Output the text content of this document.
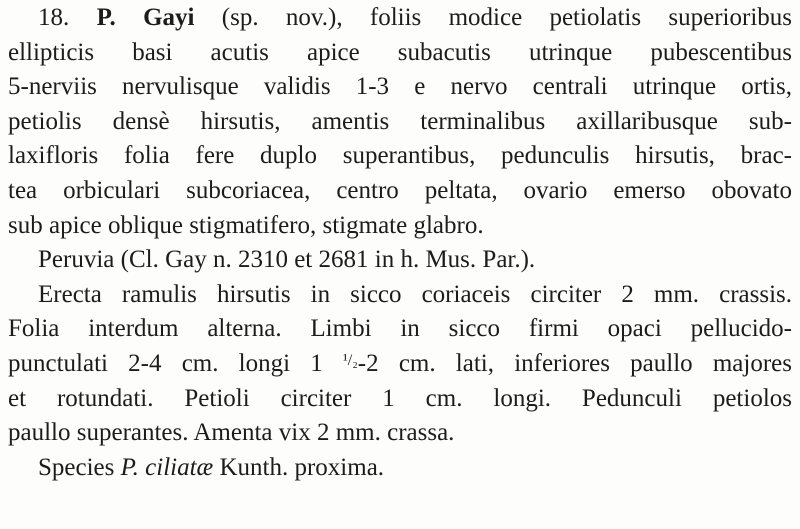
18. P. Gayi (sp. nov.), foliis modice petiolatis superioribus
ellipticis basi acutis apice subacutis utrinque pubescentibus
5-nerviis nervulisque validis 1-3 e nervo centrali utrinque ortis,
petiolis densè hirsutis, amentis terminalibus axillaribusque sub-
laxifloris folia fere duplo superantibus, pedunculis hirsutis, brac-
tea orbiculari subcoriacea, centro peltata, ovario emerso obovato
sub apice oblique stigmatifero, stigmate glabro.
Peruvia (Cl. Gay n. 2310 et 2681 in h. Mus. Par.).
Erecta ramulis hirsutis in sicco coriaceis circiter 2 mm. crassis.
Folia interdum alterna. Limbi in sicco firmi opaci pellucido-
punctulati 2-4 cm. longi 1 $^{^1/_2}$-2 cm. lati, inferiores paullo majores
et rotundati. Petioli circiter 1 cm. longi. Pedunculi petiolos
paullo superantes. Amenta vix 2 mm. crassa.
Species P. ciliatæ Kunth. proxima.
